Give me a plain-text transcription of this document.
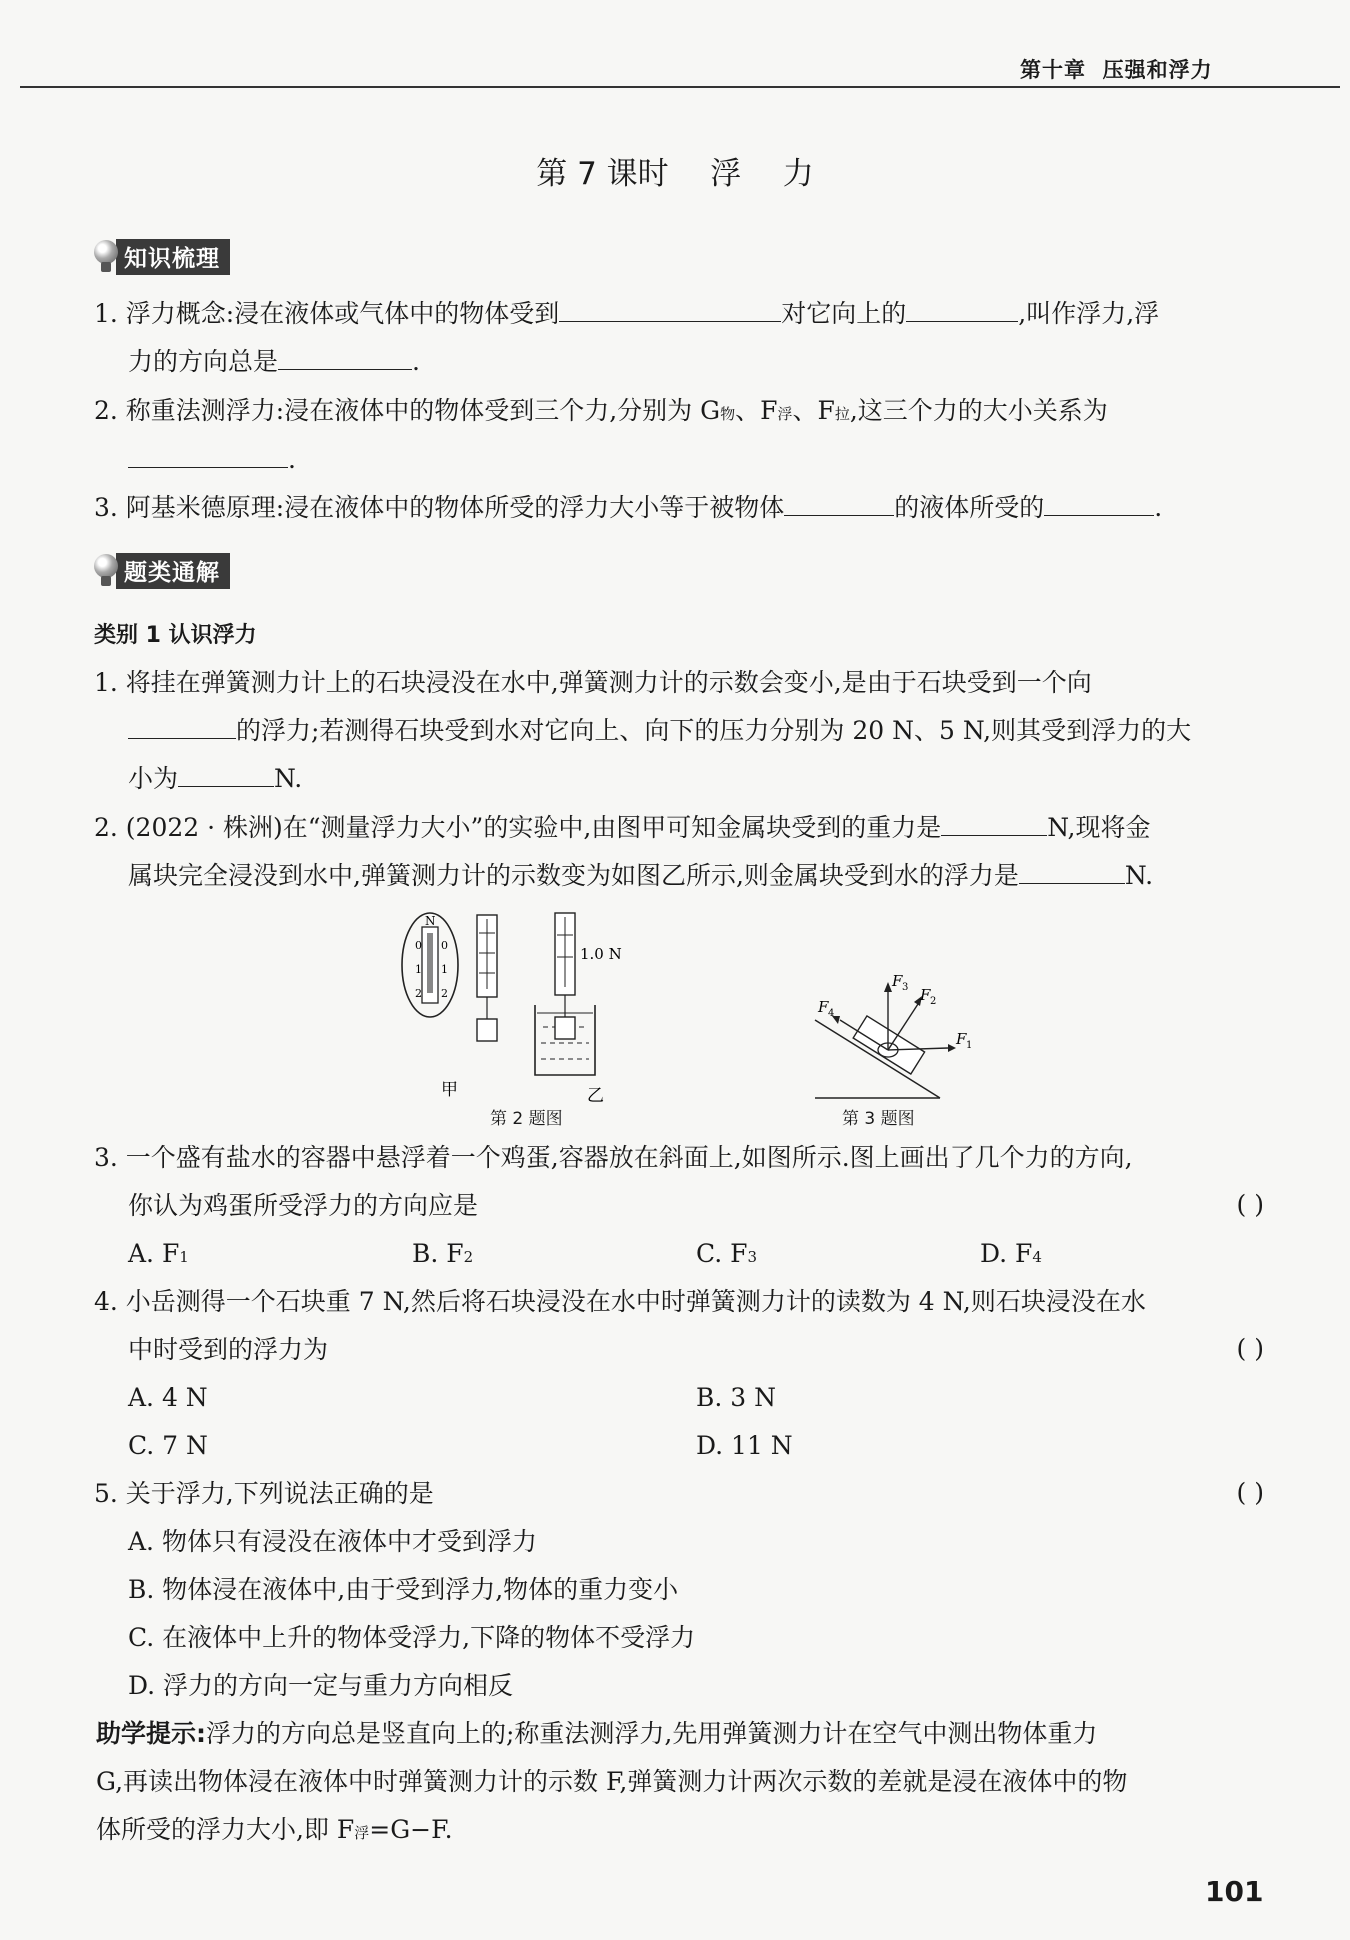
第十章 压强和浮力
第 7 课时 浮 力
知识梳理
1. 浮力概念:浸在液体或气体中的物体受到	对它向上的	,叫作浮力,浮
力的方向总是	.
2. 称重法测浮力:浸在液体中的物体受到三个力,分别为 G物、F浮、F拉,这三个力的大小关系为
.
3. 阿基米德原理:浸在液体中的物体所受的浮力大小等于被物体	的液体所受的	.
题类通解
类别 1 认识浮力
1. 将挂在弹簧测力计上的石块浸没在水中,弹簧测力计的示数会变小,是由于石块受到一个向
的浮力;若测得石块受到水对它向上、向下的压力分别为 20 N、5 N,则其受到浮力的大
小为	N.
2. (2022 · 株洲)在“测量浮力大小”的实验中,由图甲可知金属块受到的重力是	N,现将金
属块完全浸没到水中,弹簧测力计的示数变为如图乙所示,则金属块受到水的浮力是	N.
0
1
2
0
1
2
N
1.0 N
甲	乙
第 2 题图
F 1
F 2
F 3
F 4
第 3 题图
3. 一个盛有盐水的容器中悬浮着一个鸡蛋,容器放在斜面上,如图所示.图上画出了几个力的方向,
你认为鸡蛋所受浮力的方向应是	( )
A. F1	B. F2	C. F3	D. F4
4. 小岳测得一个石块重 7 N,然后将石块浸没在水中时弹簧测力计的读数为 4 N,则石块浸没在水
中时受到的浮力为	( )
A. 4 N	B. 3 N
C. 7 N	D. 11 N
5. 关于浮力,下列说法正确的是	( )
A. 物体只有浸没在液体中才受到浮力
B. 物体浸在液体中,由于受到浮力,物体的重力变小
C. 在液体中上升的物体受浮力,下降的物体不受浮力
D. 浮力的方向一定与重力方向相反
助学提示:浮力的方向总是竖直向上的;称重法测浮力,先用弹簧测力计在空气中测出物体重力
G,再读出物体浸在液体中时弹簧测力计的示数 F,弹簧测力计两次示数的差就是浸在液体中的物
体所受的浮力大小,即 F浮=G−F.
101
